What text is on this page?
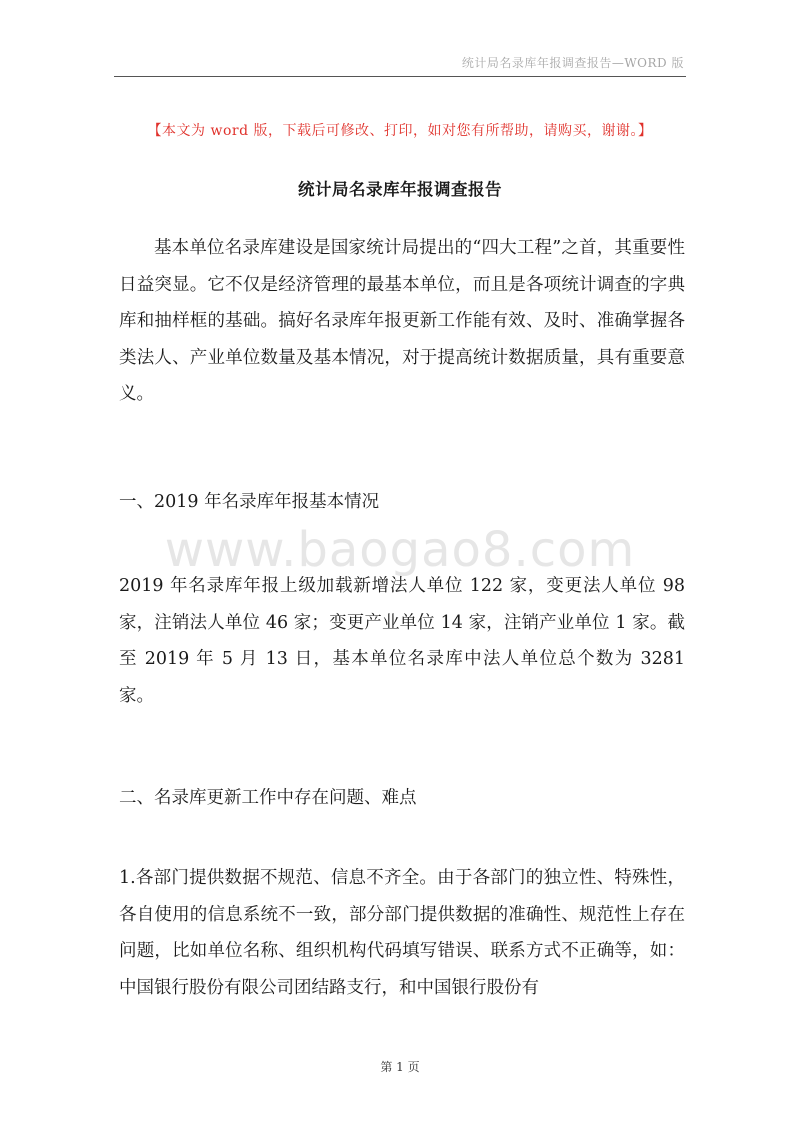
统计局名录库年报调查报告—WORD 版
【本文为 word 版，下载后可修改、打印，如对您有所帮助，请购买，谢谢。】
统计局名录库年报调查报告

基本单位名录库建设是国家统计局提出的“四大工程”之首，其重要性日益突显。它不仅是经济管理的最基本单位，而且是各项统计调查的字典库和抽样框的基础。搞好名录库年报更新工作能有效、及时、准确掌握各类法人、产业单位数量及基本情况，对于提高统计数据质量，具有重要意义。

一、2019 年名录库年报基本情况

www.baogao8.com

2019 年名录库年报上级加载新增法人单位 122 家，变更法人单位 98 家，注销法人单位 46 家；变更产业单位 14 家，注销产业单位 1 家。截至 2019 年 5 月 13 日，基本单位名录库中法人单位总个数为 3281 家。

二、名录库更新工作中存在问题、难点

1.各部门提供数据不规范、信息不齐全。由于各部门的独立性、特殊性，各自使用的信息系统不一致，部分部门提供数据的准确性、规范性上存在问题，比如单位名称、组织机构代码填写错误、联系方式不正确等，如：中国银行股份有限公司团结路支行，和中国银行股份有

第 1 页
